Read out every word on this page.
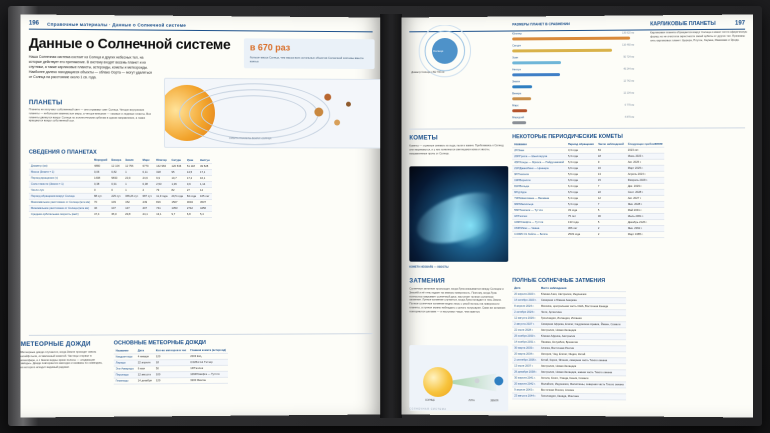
196 Справочные материалы · Данные о Солнечной системе
Данные о Солнечной системе
Наша Солнечная система состоит из Солнца и других небесных тел, на которые действует его притяжение. В систему входят восемь планет и их спутники, а также карликовые планеты, астероиды, кометы и метеороиды. Наиболее далеко находящиеся объекты — облако Оорта — могут удаляться от Солнца на расстояние около 1 св. года.
в 670 раз
больше масса Солнца, чем масса всех остальных объектов Солнечной системы вместе взятых
ПЛАНЕТЫ
Планеты не излучают собственный свет — они отражают свет Солнца. Четыре внутренние планеты — небольшие каменистые миры, а четыре внешние — газовые и ледяные гиганты. Все планеты движутся вокруг Солнца по эллиптическим орбитам в одном направлении, а также вращаются вокруг собственной оси.
ОРБИТА ПЛАНЕТЫ ВОКРУГ СОЛНЦА
СВЕДЕНИЯ О ПЛАНЕТАХ
	Меркурий	Венера	Земля	Марс	Юпитер	Сатурн	Уран	Нептун
Диаметр (км)	4880	12 104	12 756	6779	142 984	120 536	51 118	49 528
Масса (Земля = 1)	0,06	0,82	1	0,11	318	95	14,5	17,1
Период вращения (ч)	1408	5833	23,9	24,6	9,9	10,7	17,2	16,1
Сила тяжести (Земля = 1)	0,38	0,91	1	0,38	2,53	1,06	0,9	1,14
Число лун	0	0	1	2	79	82	27	14
Период обращения вокруг Солнца	88 сут.	225 сут.	365,26 сут.	687 сут.	11,9 года	29,5 года	84 года	165 лет
Максимальное расстояние от Солнца (млн км)	70	109	152	249	816	1507	3004	4537
Минимальное расстояние от Солнца (млн км)	46	107	147	207	741	1353	2742	4456
Средняя орбитальная скорость (км/с)	47,4	35,0	29,8	24,1	13,1	9,7	6,8	5,4
МЕТЕОРНЫЕ ДОЖДИ
Метеорные дожди случаются, когда Земля проходит сквозь шлейф пыли, оставленный кометой. Частицы сгорают в атмосфере, и с Земли видны яркие полосы — «падающие звёзды». Дожди повторяются ежегодно и названы по созвездию, из которого исходит видимый радиант.
ОСНОВНЫЕ МЕТЕОРНЫЕ ДОЖДИ
Название	Дата	Кол-во метеоров в час	Главная комета (астероид)
Квадрантиды	4 января	120	2003 EH₁
Лириды	22 апреля	18	C/1861 G1 Тэтчер
Эта-Аквариды	6 мая	50	1P/Галлея
Персеиды	12 августа	100	109P/Свифта — Туттля
Геминиды	14 декабря	120	3200 Фаэтон
197
Солнце
Диаметр Солнца 1 392 700 км
РАЗМЕРЫ ПЛАНЕТ В СРАВНЕНИИ
Юпитер	139 820 км
Сатурн	116 460 км
Уран	50 724 км
Нептун	49 244 км
Земля	12 742 км
Венера	12 104 км
Марс	6 779 км
Меркурий	4 879 км
КАРЛИКОВЫЕ ПЛАНЕТЫ
Карликовая планета обращается вокруг Солнца и имеет почти сферическую форму, но не очистила окрестности своей орбиты от других тел. Признаны пять карликовых планет: Церера, Плутон, Хаумеа, Макемаке и Эрида.
КОМЕТЫ
Кометы — «грязные снежки» из льда, пыли и камня. Приближаясь к Солнцу, они нагреваются, и у них появляются светящаяся кома и хвосты, направленные прочь от Солнца.
КОМЕТА НЕОВАЙЗ — ХВОСТЫ
НЕКОТОРЫЕ ПЕРИОДИЧЕСКИЕ КОМЕТЫ
Название	Период обращения	Число наблюдений	Следующее приближение
2P/Энке	3,3 года	63	2023 окт.
26P/Григга — Шьеллерупа	5,3 года	18	Июнь 2023 г.
45P/Хонды — Мркоса — Пайдушаковой	5,3 года	9	Авг. 2025 г.
21P/Джакобини — Циннера	6,6 года	16	Март 2025 г.
9P/Темпеля	5,6 года	13	Апрель 2024 г.
19P/Борелли	6,9 года	15	Февраль 2029 г.
81P/Вильда	6,4 года	7	Дек. 2029 г.
6P/д’Арре	6,5 года	22	Сент. 2028 г.
73P/Швассмана — Вахмана	5,4 года	12	Авг. 2027 г.
96P/Макхольца	5,3 года	7	Янв. 2028 г.
55P/Темпеля — Туттля	33 года	5	Май 2031 г.
1P/Галлея	75 лет	30	Июль 2061 г.
109P/Свифта — Туттля	133 года	5	Декабрь 2126 г.
153P/Икэи — Чжана	366 лет	2	Янв. 2362 г.
C/1995 O1 Хейла — Боппа	2533 года	2	Март 4385 г.
ЗАТМЕНИЯ
Солнечное затмение происходит, когда Луна оказывается между Солнцем и Землёй и её тень падает на земную поверхность. Поэтому, когда Луна полностью закрывает солнечный диск, наступает полное солнечное затмение. Лунное затмение случается, когда Луна попадает в тень Земли. Полное солнечное затмение видно лишь с узкой полосы на поверхности планеты, а лунное можно наблюдать с целого полушария. Сами же затмения повторяются циклами — и наступают чаще, чем кажется.
СОЛНЦЕ	ЛУНА	ЗЕМЛЯ
ПОЛНЫЕ СОЛНЕЧНЫЕ ЗАТМЕНИЯ
Дата	Место наблюдения
20 апреля 2023 г.	Южная Азия, Австралия, Индонезия
14 октября 2023 г.	Северная и Южная Америка
8 апреля 2024 г.	Мексика, центральная часть США, Восточная Канада
2 октября 2024 г.	Чили, Аргентина
12 августа 2026 г.	Гренландия, Исландия, Испания
2 августа 2027 г.	Северная Африка, Египет, Саудовская Аравия, Йемен, Сомали
22 июля 2028 г.	Австралия, Новая Зеландия
25 ноября 2030 г.	Южная Африка, Австралия
14 ноября 2031 г.	Панама, Колумбия, Бразилия
30 марта 2033 г.	Аляска, Восточная Россия
20 марта 2034 г.	Нигерия, Чад, Египет, Индия, Китай
2 сентября 2035 г.	Китай, Корея, Япония, северная часть Тихого океана
13 июля 2037 г.	Австралия, Новая Зеландия
26 декабря 2038 г.	Австралия, Новая Зеландия, южная часть Тихого океана
30 апреля 2041 г.	Ангола, Конго, Уганда, Кения, Сомали
20 апреля 2042 г.	Малайзия, Индонезия, Филиппины, северная часть Тихого океана
9 апреля 2043 г.	Восточная Россия, Аляска
23 августа 2044 г.	Гренландия, Канада, Монтана
СОЛНЕЧНАЯ СИСТЕМА
